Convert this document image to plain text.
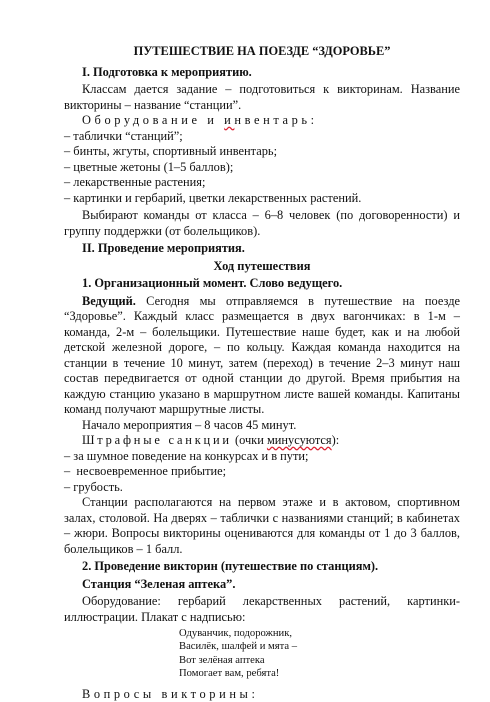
ПУТЕШЕСТВИЕ НА ПОЕЗДЕ “ЗДОРОВЬЕ”

I. Подготовка к мероприятию.

Классам дается задание – подготовиться к викторинам. Название викторины – название “станции”.

Оборудование и инвентарь:

– таблички “станций”;

– бинты, жгуты, спортивный инвентарь;

– цветные жетоны (1–5 баллов);

– лекарственные растения;

– картинки и гербарий, цветки лекарственных растений.

Выбирают команды от класса – 6–8 человек (по договоренности) и группу поддержки (от болельщиков).

II. Проведение мероприятия.

Ход путешествия

1. Организационный момент. Слово ведущего.

Ведущий. Сегодня мы отправляемся в путешествие на поезде “Здоровье”. Каждый класс размещается в двух вагончиках: в 1-м – команда, 2-м – болельщики. Путешествие наше будет, как и на любой детской железной дороге, – по кольцу. Каждая команда находится на станции в течение 10 минут, затем (переход) в течение 2–3 минут наш состав передвигается от одной станции до другой. Время прибытия на каждую станцию указано в маршрутном листе вашей команды. Капитаны команд получают маршрутные листы.

Начало мероприятия – 8 часов 45 минут.

Штрафные санкции (очки минусуются):

– за шумное поведение на конкурсах и в пути;

–  несвоевременное прибытие;

– грубость.

Станции располагаются на первом этаже и в актовом, спортивном залах, столовой. На дверях – таблички с названиями станций; в кабинетах – жюри. Вопросы викторины оцениваются для команды от 1 до 3 баллов, болельщиков – 1 балл.

2. Проведение викторин (путешествие по станциям).

Станция “Зеленая аптека”.

Оборудование: гербарий лекарственных растений, картинки-иллюстрации. Плакат с надписью:

Одуванчик, подорожник,
Василёк, шалфей и мята –
Вот зелёная аптека
Помогает вам, ребята!

Вопросы викторины:
